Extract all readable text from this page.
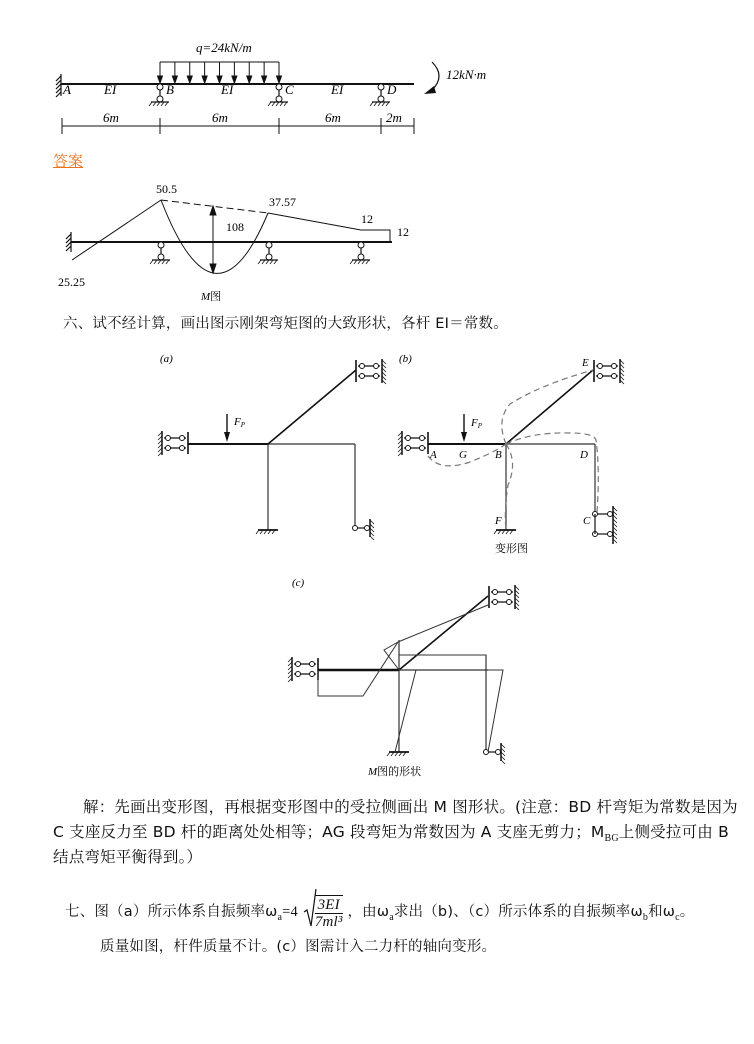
q=24kN/m
A	B	C	D
EI	EI	EI
12kN·m
6m	6m	6m	2m
答案
50.5
25.25
108
37.57
12
12
M图
六、试不经计算，画出图示刚架弯矩图的大致形状，各杆 EI＝常数。
(a)
FP
(b)
FP
A G	B	D
E
F	C
变形图
(c)
M图的形状
解：先画出变形图，再根据变形图中的受拉侧画出 M 图形状。(注意：BD 杆弯矩为常数是因为
C 支座反力至 BD 杆的距离处处相等；AG 段弯矩为常数因为 A 支座无剪力；$M_{BG}$上侧受拉可由 B
结点弯矩平衡得到。）
七、图（a）所示体系自振频率$\omega_a=4 \frac{3EI}{\text{7ml³}}$ ，由$\omega_a$求出（b)、（c）所示体系的自振频率$\omega_b$和$\omega_c$。
质量如图，杆件质量不计。(c）图需计入二力杆的轴向变形。
